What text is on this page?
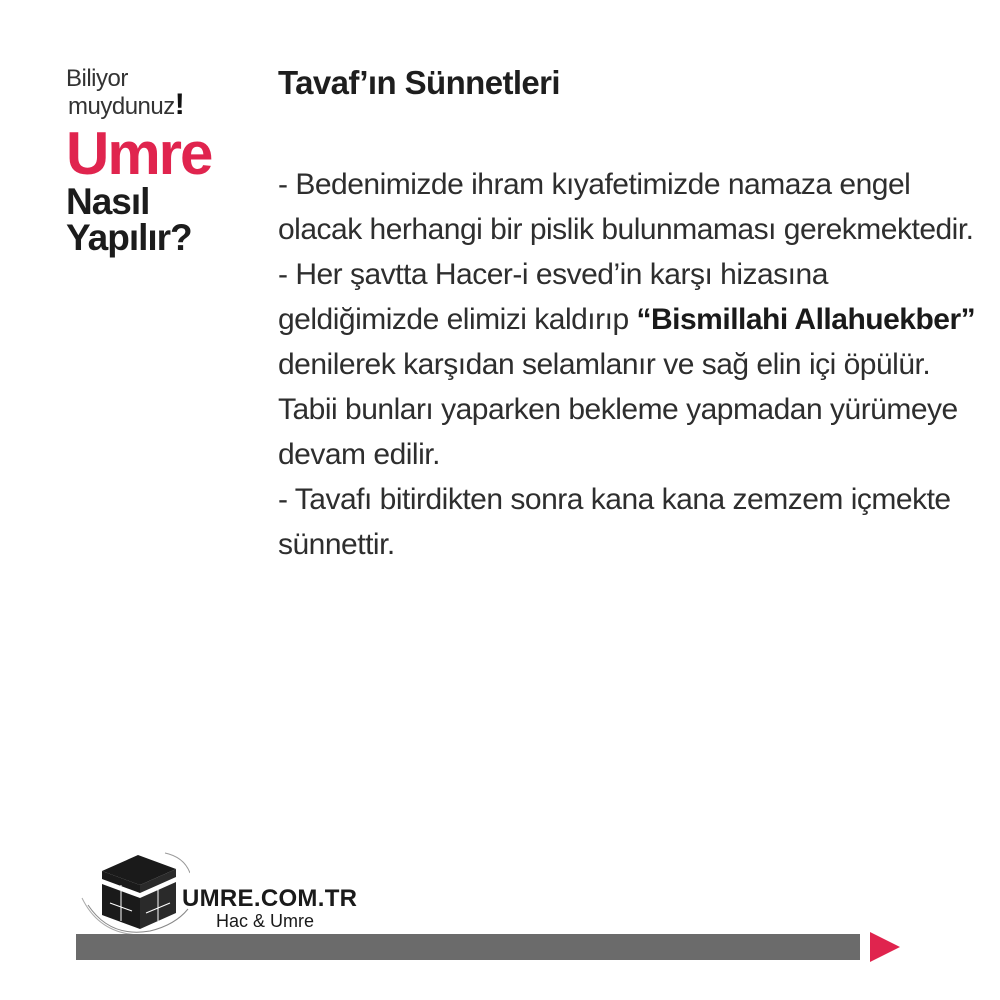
Biliyor
muydunuz!
Umre
Nasıl
Yapılır?
Tavaf’ın Sünnetleri

- Bedenimizde ihram kıyafetimizde namaza engel olacak herhangi bir pislik bulunmaması gerekmektedir.

- Her şavtta Hacer-i esved’in karşı hizasına geldiğimizde elimizi kaldırıp “Bismillahi Allahuekber” denilerek karşıdan selamlanır ve sağ elin içi öpülür. Tabii bunları yaparken bekleme yapmadan yürümeye devam edilir.

- Tavafı bitirdikten sonra kana kana zemzem içmekte sünnettir.

UMRE.COM.TR
Hac & Umre
